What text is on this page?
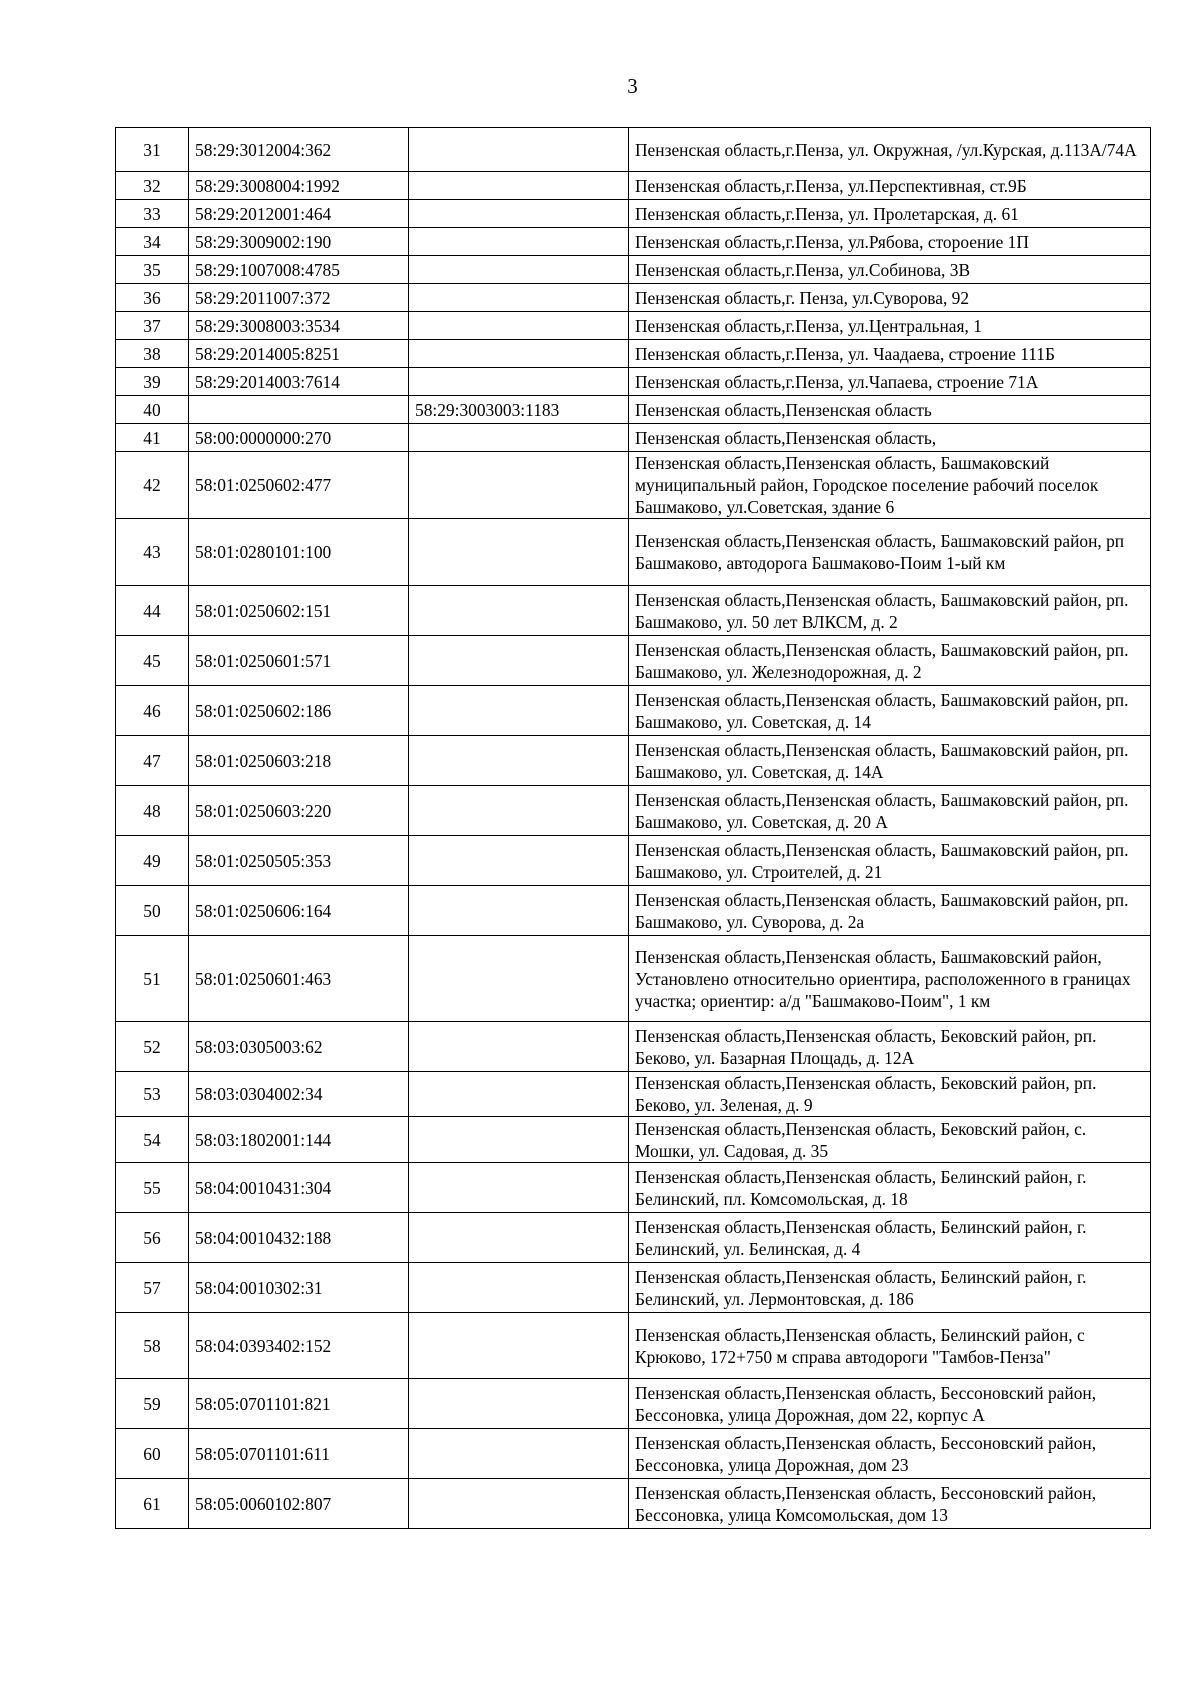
3
31	58:29:3012004:362		Пензенская область,г.Пенза, ул. Окружная, /ул.Курская, д.113А/74А
32	58:29:3008004:1992		Пензенская область,г.Пенза, ул.Перспективная, ст.9Б
33	58:29:2012001:464		Пензенская область,г.Пенза, ул. Пролетарская, д. 61
34	58:29:3009002:190		Пензенская область,г.Пенза, ул.Рябова, стороение 1П
35	58:29:1007008:4785		Пензенская область,г.Пенза, ул.Собинова, 3В
36	58:29:2011007:372		Пензенская область,г. Пенза, ул.Суворова, 92
37	58:29:3008003:3534		Пензенская область,г.Пенза, ул.Центральная, 1
38	58:29:2014005:8251		Пензенская область,г.Пенза, ул. Чаадаева, строение 111Б
39	58:29:2014003:7614		Пензенская область,г.Пенза, ул.Чапаева, строение 71А
40		58:29:3003003:1183	Пензенская область,Пензенская область
41	58:00:0000000:270		Пензенская область,Пензенская область,
42	58:01:0250602:477		Пензенская область,Пензенская область, Башмаковский муниципальный район, Городское поселение рабочий поселок Башмаково, ул.Советская, здание 6
43	58:01:0280101:100		Пензенская область,Пензенская область, Башмаковский район, рп Башмаково, автодорога Башмаково-Поим 1-ый км
44	58:01:0250602:151		Пензенская область,Пензенская область, Башмаковский район, рп. Башмаково, ул. 50 лет ВЛКСМ, д. 2
45	58:01:0250601:571		Пензенская область,Пензенская область, Башмаковский район, рп. Башмаково, ул. Железнодорожная, д. 2
46	58:01:0250602:186		Пензенская область,Пензенская область, Башмаковский район, рп. Башмаково, ул. Советская, д. 14
47	58:01:0250603:218		Пензенская область,Пензенская область, Башмаковский район, рп. Башмаково, ул. Советская, д. 14А
48	58:01:0250603:220		Пензенская область,Пензенская область, Башмаковский район, рп. Башмаково, ул. Советская, д. 20 А
49	58:01:0250505:353		Пензенская область,Пензенская область, Башмаковский район, рп. Башмаково, ул. Строителей, д. 21
50	58:01:0250606:164		Пензенская область,Пензенская область, Башмаковский район, рп. Башмаково, ул. Суворова, д. 2а
51	58:01:0250601:463		Пензенская область,Пензенская область, Башмаковский район, Установлено относительно ориентира, расположенного в границах участка; ориентир: а/д "Башмаково-Поим", 1 км
52	58:03:0305003:62		Пензенская область,Пензенская область, Бековский район, рп. Беково, ул. Базарная Площадь, д. 12А
53	58:03:0304002:34		Пензенская область,Пензенская область, Бековский район, рп. Беково, ул. Зеленая, д. 9
54	58:03:1802001:144		Пензенская область,Пензенская область, Бековский район, с. Мошки, ул. Садовая, д. 35
55	58:04:0010431:304		Пензенская область,Пензенская область, Белинский район, г. Белинский, пл. Комсомольская, д. 18
56	58:04:0010432:188		Пензенская область,Пензенская область, Белинский район, г. Белинский, ул. Белинская, д. 4
57	58:04:0010302:31		Пензенская область,Пензенская область, Белинский район, г. Белинский, ул. Лермонтовская, д. 186
58	58:04:0393402:152		Пензенская область,Пензенская область, Белинский район, с Крюково, 172+750 м справа автодороги "Тамбов-Пенза"
59	58:05:0701101:821		Пензенская область,Пензенская область, Бессоновский район, Бессоновка, улица Дорожная, дом 22, корпус А
60	58:05:0701101:611		Пензенская область,Пензенская область, Бессоновский район, Бессоновка, улица Дорожная, дом 23
61	58:05:0060102:807		Пензенская область,Пензенская область, Бессоновский район, Бессоновка, улица Комсомольская, дом 13
